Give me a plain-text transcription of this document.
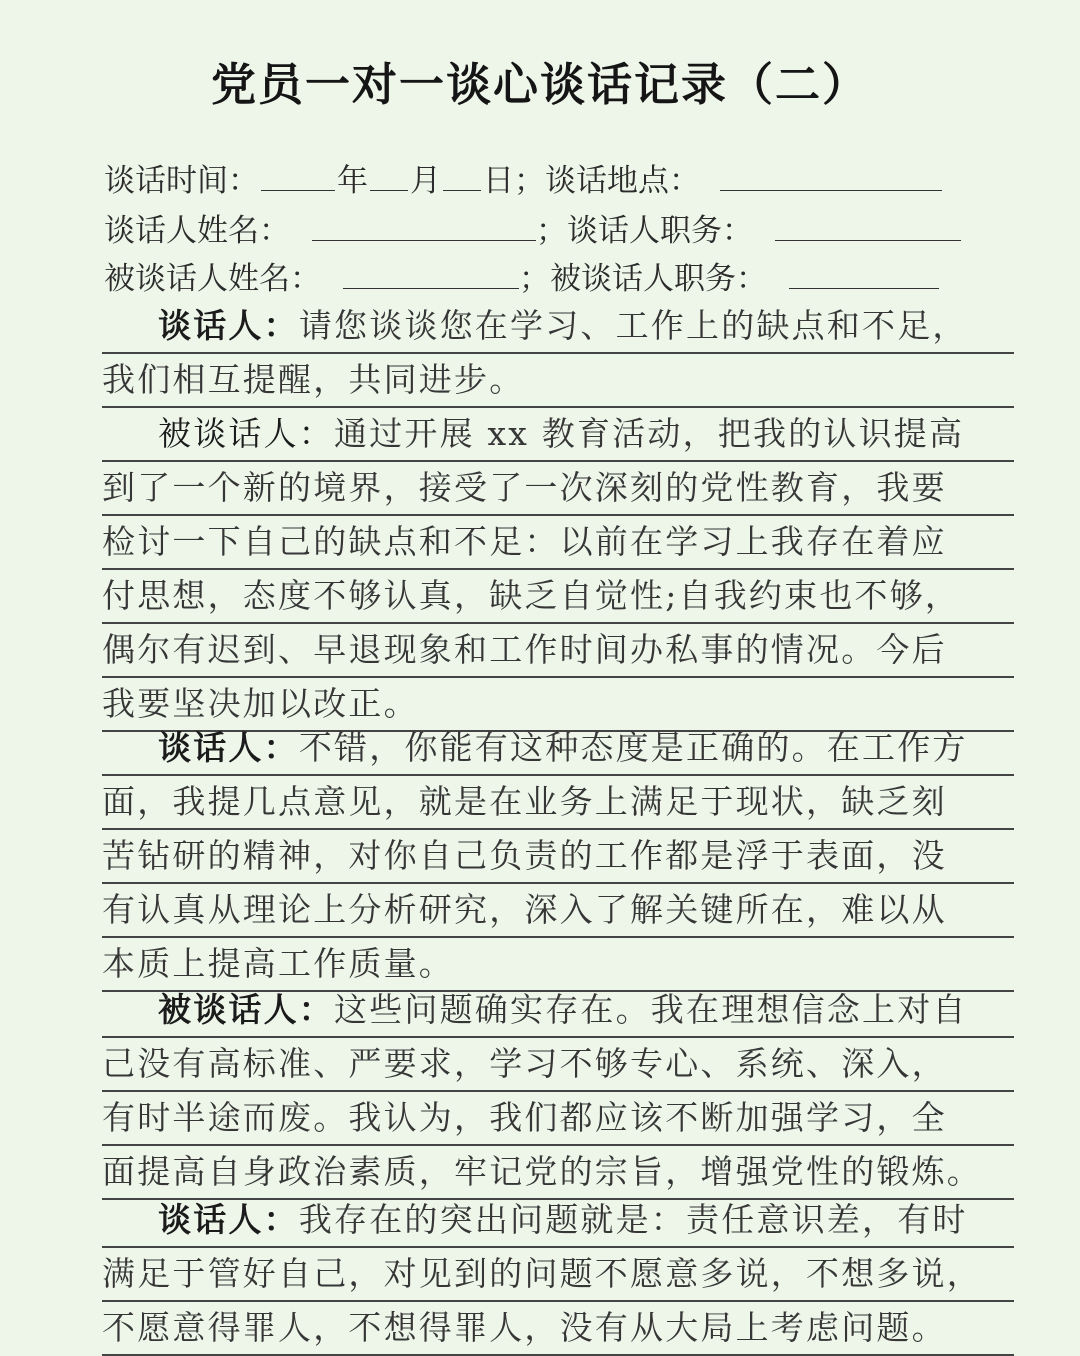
党员一对一谈心谈话记录（二）
谈话时间：	年 月 日；谈话地点：
谈话人姓名：	；谈话人职务：
被谈话人姓名：	；被谈话人职务：
谈话人：请您谈谈您在学习、工作上的缺点和不足，
我们相互提醒，共同进步。
被谈话人：通过开展 xx 教育活动，把我的认识提高
到了一个新的境界，接受了一次深刻的党性教育，我要
检讨一下自己的缺点和不足：以前在学习上我存在着应
付思想，态度不够认真，缺乏自觉性;自我约束也不够，
偶尔有迟到、早退现象和工作时间办私事的情况。今后
我要坚决加以改正。
谈话人：不错，你能有这种态度是正确的。在工作方
面，我提几点意见，就是在业务上满足于现状，缺乏刻
苦钻研的精神，对你自己负责的工作都是浮于表面，没
有认真从理论上分析研究，深入了解关键所在，难以从
本质上提高工作质量。
被谈话人：这些问题确实存在。我在理想信念上对自
己没有高标准、严要求，学习不够专心、系统、深入，
有时半途而废。我认为，我们都应该不断加强学习，全
面提高自身政治素质，牢记党的宗旨，增强党性的锻炼。
谈话人：我存在的突出问题就是：责任意识差，有时
满足于管好自己，对见到的问题不愿意多说，不想多说，
不愿意得罪人，不想得罪人，没有从大局上考虑问题。
